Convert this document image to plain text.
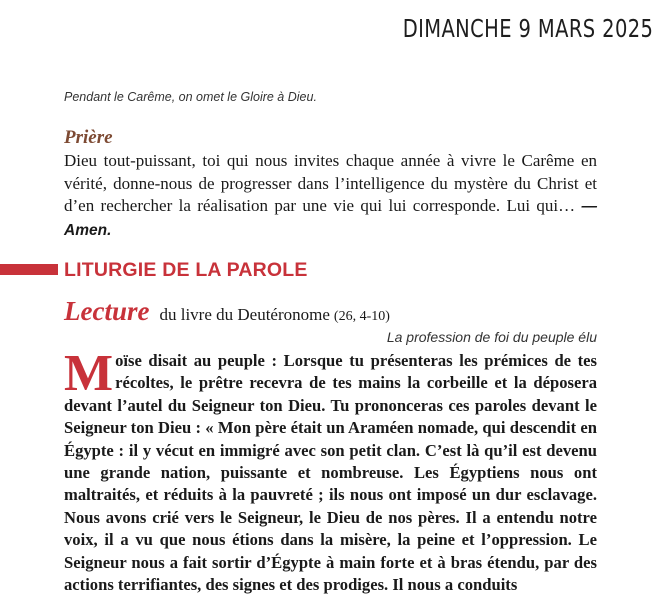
DIMANCHE 9 MARS 2025
Pendant le Carême, on omet le Gloire à Dieu.
Prière

Dieu tout-puissant, toi qui nous invites chaque année à vivre le Carême en vérité, donne-nous de progresser dans l’intelligence du mystère du Christ et d’en rechercher la réalisation par une vie qui lui corresponde. Lui qui… — Amen.

LITURGIE DE LA PAROLE
Lecture du livre du Deutéronome (26, 4-10)
La profession de foi du peuple élu

Moïse disait au peuple : Lorsque tu présenteras les prémices de tes récoltes, le prêtre recevra de tes mains la corbeille et la déposera devant l’autel du Seigneur ton Dieu. Tu prononceras ces paroles devant le Seigneur ton Dieu : « Mon père était un Araméen nomade, qui descendit en Égypte : il y vécut en immigré avec son petit clan. C’est là qu’il est devenu une grande nation, puissante et nombreuse. Les Égyptiens nous ont maltraités, et réduits à la pauvreté ; ils nous ont imposé un dur esclavage. Nous avons crié vers le Seigneur, le Dieu de nos pères. Il a entendu notre voix, il a vu que nous étions dans la misère, la peine et l’oppression. Le Seigneur nous a fait sortir d’Égypte à main forte et à bras étendu, par des actions terrifiantes, des signes et des prodiges. Il nous a conduits
